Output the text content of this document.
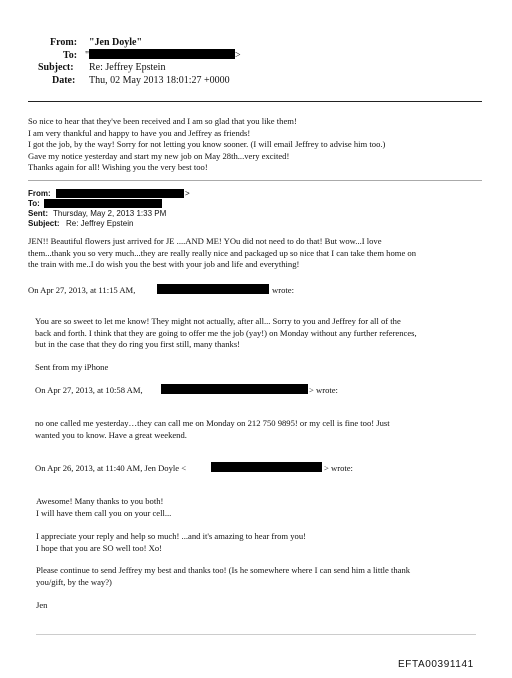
From: "Jen Doyle"
To: "	>
Subject: Re: Jeffrey Epstein
Date: Thu, 02 May 2013 18:01:27 +0000
So nice to hear that they've been received and I am so glad that you like them!
I am very thankful and happy to have you and Jeffrey as friends!
I got the job, by the way! Sorry for not letting you know sooner. (I will email Jeffrey to advise him too.)
Gave my notice yesterday and start my new job on May 28th...very excited!
Thanks again for all! Wishing you the very best too!
From:	>
To:
Sent: Thursday, May 2, 2013 1:33 PM
Subject: Re: Jeffrey Epstein
JEN!! Beautiful flowers just arrived for JE ....AND ME! YOu did not need to do that! But wow...I love
them...thank you so very much...they are really really nice and packaged up so nice that I can take them home on
the train with me..I do wish you the best with your job and life and everything!
On Apr 27, 2013, at 11:15 AM,	wrote:
You are so sweet to let me know! They might not actually, after all... Sorry to you and Jeffrey for all of the
back and forth. I think that they are going to offer me the job (yay!) on Monday without any further references,
but in the case that they do ring you first still, many thanks!
Sent from my iPhone
On Apr 27, 2013, at 10:58 AM,	> wrote:
no one called me yesterday…they can call me on Monday on 212 750 9895! or my cell is fine too! Just
wanted you to know. Have a great weekend.
On Apr 26, 2013, at 11:40 AM, Jen Doyle <	> wrote:
Awesome! Many thanks to you both!
I will have them call you on your cell...
I appreciate your reply and help so much! ...and it's amazing to hear from you!
I hope that you are SO well too! Xo!
Please continue to send Jeffrey my best and thanks too! (Is he somewhere where I can send him a little thank
you/gift, by the way?)
Jen
EFTA00391141
